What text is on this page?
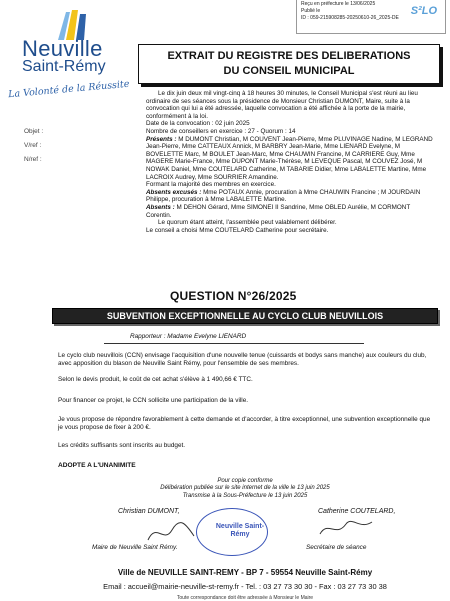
Reçu en préfecture le 13/06/2025
Publié le
ID : 059-215908285-20250610-26_2025-DE
S²LO
Neuville
Saint-Rémy
La Volonté de la Réussite
EXTRAIT DU REGISTRE DES DELIBERATIONS
DU CONSEIL MUNICIPAL
Objet :
V/ref :
N/ref :

Le dix juin deux mil vingt-cinq à 18 heures 30 minutes, le Conseil Municipal s'est réuni au lieu ordinaire de ses séances sous la présidence de Monsieur Christian DUMONT, Maire, suite à la convocation qui lui a été adressée, laquelle convocation a été affichée à la porte de la mairie, conformément à la loi.

Date de la convocation : 02 juin 2025

Nombre de conseillers en exercice : 27 - Quorum : 14

Présents : M DUMONT Christian, M COUVENT Jean-Pierre, Mme PLUVINAGE Nadine, M LEGRAND Jean-Pierre, Mme CATTEAUX Annick, M BARBRY Jean-Marie, Mme LIENARD Evelyne, M BOVELETTE Marc, M BOULET Jean-Marc, Mme CHAUWIN Francine, M CARRIERE Guy, Mme MAGERE Marie-France, Mme DUPONT Marie-Thérèse, M LEVEQUE Pascal, M COUVEZ José, M NOWAK Daniel, Mme COUTELARD Catherine, M TABARIE Didier, Mme LABALETTE Martine, Mme LACROIX Audrey, Mme SOURRIER Amandine.

Formant la majorité des membres en exercice.

Absents excusés : Mme POTAUX Annie, procuration à Mme CHAUWIN Francine ; M JOURDAIN Philippe, procuration à Mme LABALETTE Martine.

Absents : M DEHON Gérard, Mme SIMONEI II Sandrine, Mme OBLED Aurélie, M CORMONT Corentin.

Le quorum étant atteint, l'assemblée peut valablement délibérer.

Le conseil a choisi Mme COUTELARD Catherine pour secrétaire.

QUESTION N°26/2025
SUBVENTION EXCEPTIONNELLE AU CYCLO CLUB NEUVILLOIS
Rapporteur : Madame Evelyne LIENARD
Le cyclo club neuvillois (CCN) envisage l'acquisition d'une nouvelle tenue (cuissards et bodys sans manche) aux couleurs du club, avec apposition du blason de Neuville Saint Rémy, pour l'ensemble de ses membres.
Selon le devis produit, le coût de cet achat s'élève à 1 490,66 € TTC.
Pour financer ce projet, le CCN sollicite une participation de la ville.
Je vous propose de répondre favorablement à cette demande et d'accorder, à titre exceptionnel, une subvention exceptionnelle que je vous propose de fixer à 200 €.
Les crédits suffisants sont inscrits au budget.
ADOPTE A L'UNANIMITE
Pour copie conforme
Délibération publiée sur le site internet de la ville le 13 juin 2025
Transmise à la Sous-Préfecture le 13 juin 2025
Christian DUMONT,	Catherine COUTELARD,
Neuville Saint-Rémy
Maire de Neuville Saint Rémy.	Secrétaire de séance
Ville de NEUVILLE SAINT-REMY - BP 7 - 59554 Neuville Saint-Rémy
Email : accueil@mairie-neuville-st-remy.fr - Tel. : 03 27 73 30 30 - Fax : 03 27 73 30 38
Toute correspondance doit être adressée à Monsieur le Maire
